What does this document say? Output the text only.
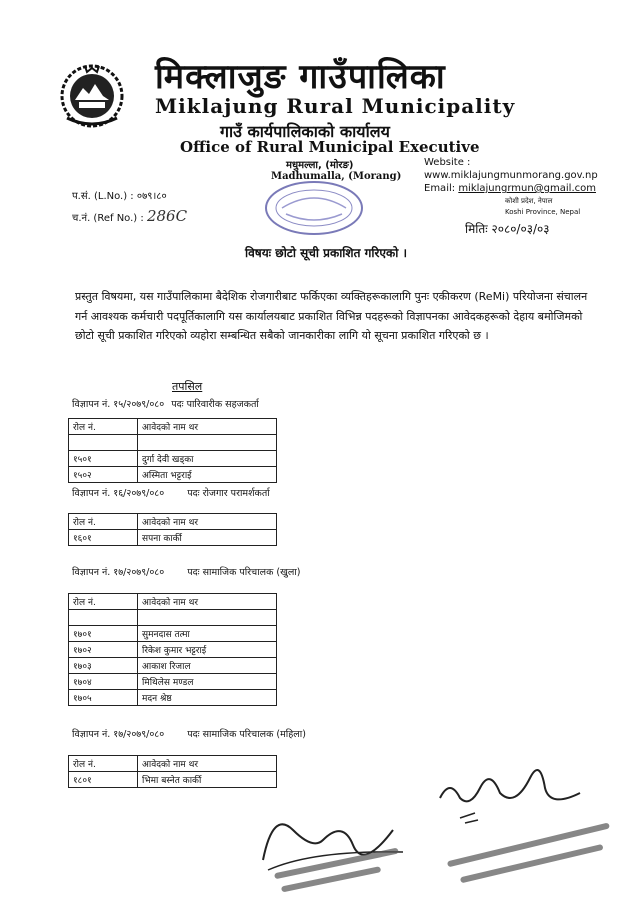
मिक्लाजुङ गाउँपालिका
Miklajung Rural Municipality
गाउँ कार्यपालिकाको कार्यालय
Office of Rural Municipal Executive
मधुमल्ला, (मोरङ)
Madhumalla, (Morang)
Website :
www.miklajungmunmorang.gov.np
Email: miklajungrmun@gmail.com
कोशी प्रदेश, नेपाल
Koshi Province, Nepal
प.सं. (L.No.) : ०७९।८०
च.नं. (Ref No.) : 286C
मितिः २०८०/०३/०३
विषयः छोटो सूची प्रकाशित गरिएको ।
प्रस्तुत विषयमा, यस गाउँपालिकामा बैदेशिक रोजगारीबाट फर्किएका व्यक्तिहरूकालागि पुनः एकीकरण (ReMi) परियोजना संचालन गर्न आवश्यक कर्मचारी पदपूर्तिकालागि यस कार्यालयबाट प्रकाशित विभिन्न पदहरूको विज्ञापनका आवेदकहरूको देहाय बमोजिमको छोटो सूची प्रकाशित गरिएको व्यहोरा सम्बन्धित सबैको जानकारीका लागि यो सूचना प्रकाशित गरिएको छ ।
तपसिल
विज्ञापन नं. १५/२०७९/०८० पदः पारिवारीक सहजकर्ता
रोल नं.	आवेदको नाम थर

१५०१	दुर्गा देवी खड्का
१५०२	अस्मिता भट्टराई
विज्ञापन नं. १६/२०७९/०८० पदः रोजगार परामर्शकर्ता
रोल नं.	आवेदको नाम थर
१६०१	सपना कार्की
विज्ञापन नं. १७/२०७९/०८० पदः सामाजिक परिचालक (खुला)
रोल नं.	आवेदको नाम थर

१७०१	सुमनदास तत्मा
१७०२	रिकेश कुमार भट्टराई
१७०३	आकाश रिजाल
१७०४	मिथिलेस मण्डल
१७०५	मदन श्रेष्ठ
विज्ञापन नं. १७/२०७९/०८० पदः सामाजिक परिचालक (महिला)
रोल नं.	आवेदको नाम थर
१८०१	भिमा बस्नेत कार्की
